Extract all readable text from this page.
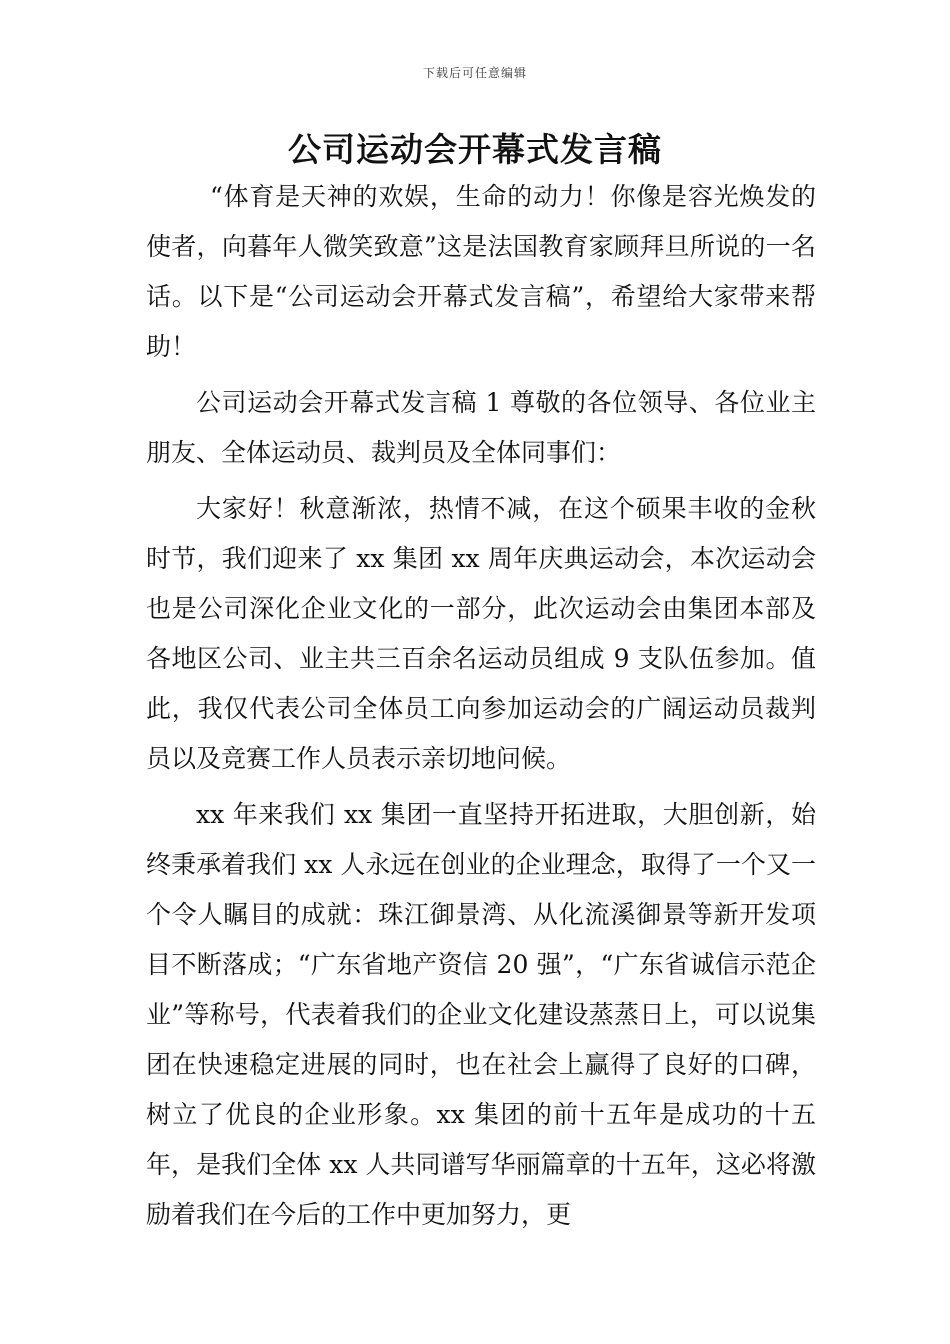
下载后可任意编辑
公司运动会开幕式发言稿

“体育是天神的欢娱，生命的动力！你像是容光焕发的使者，向暮年人微笑致意”这是法国教育家顾拜旦所说的一名话。以下是“公司运动会开幕式发言稿”，希望给大家带来帮助！

公司运动会开幕式发言稿 1 尊敬的各位领导、各位业主朋友、全体运动员、裁判员及全体同事们：

大家好！秋意渐浓，热情不减，在这个硕果丰收的金秋时节，我们迎来了 xx 集团 xx 周年庆典运动会，本次运动会也是公司深化企业文化的一部分，此次运动会由集团本部及各地区公司、业主共三百余名运动员组成 9 支队伍参加。值此，我仅代表公司全体员工向参加运动会的广阔运动员裁判员以及竞赛工作人员表示亲切地问候。

xx 年来我们 xx 集团一直坚持开拓进取，大胆创新，始终秉承着我们 xx 人永远在创业的企业理念，取得了一个又一个令人瞩目的成就：珠江御景湾、从化流溪御景等新开发项目不断落成；“广东省地产资信 20 强”，“广东省诚信示范企业”等称号，代表着我们的企业文化建设蒸蒸日上，可以说集团在快速稳定进展的同时，也在社会上赢得了良好的口碑，树立了优良的企业形象。xx 集团的前十五年是成功的十五年，是我们全体 xx 人共同谱写华丽篇章的十五年，这必将激励着我们在今后的工作中更加努力，更
